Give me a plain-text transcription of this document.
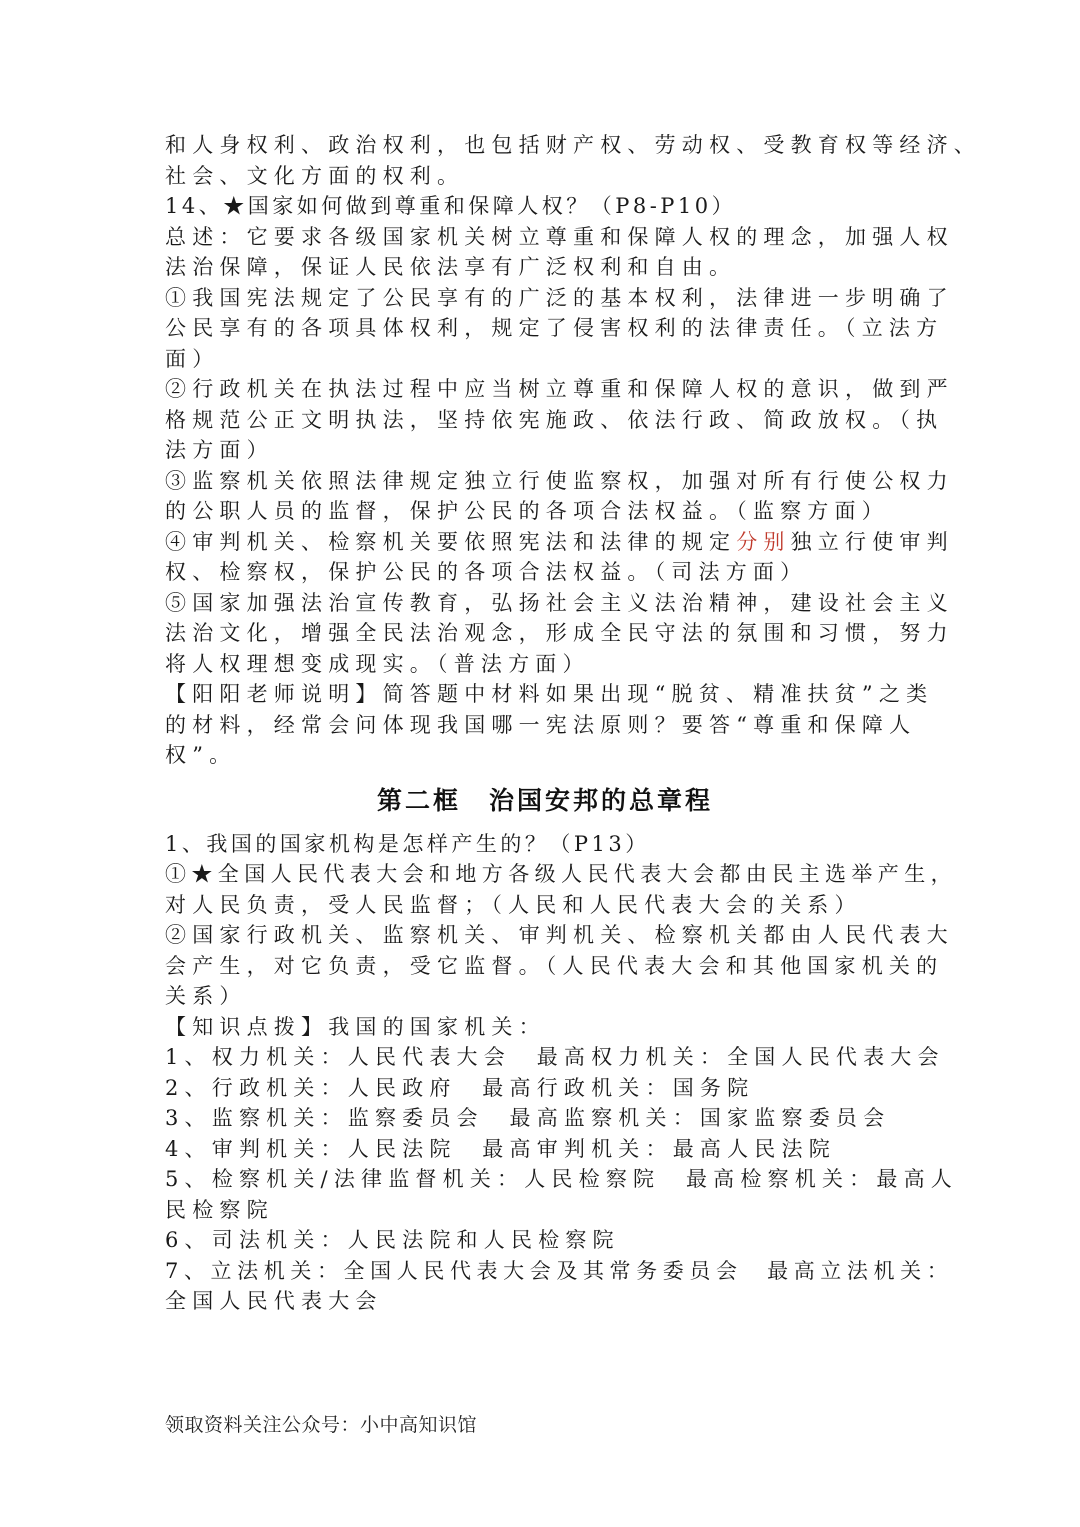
和人身权利、政治权利，也包括财产权、劳动权、受教育权等经济、
社会、文化方面的权利。
14、★国家如何做到尊重和保障人权？（P8-P10）
总述：它要求各级国家机关树立尊重和保障人权的理念，加强人权
法治保障，保证人民依法享有广泛权利和自由。
①我国宪法规定了公民享有的广泛的基本权利，法律进一步明确了
公民享有的各项具体权利，规定了侵害权利的法律责任。（立法方
面）
②行政机关在执法过程中应当树立尊重和保障人权的意识，做到严
格规范公正文明执法，坚持依宪施政、依法行政、简政放权。（执
法方面）
③监察机关依照法律规定独立行使监察权，加强对所有行使公权力
的公职人员的监督，保护公民的各项合法权益。（监察方面）
④审判机关、检察机关要依照宪法和法律的规定分别独立行使审判
权、检察权，保护公民的各项合法权益。（司法方面）
⑤国家加强法治宣传教育，弘扬社会主义法治精神，建设社会主义
法治文化，增强全民法治观念，形成全民守法的氛围和习惯，努力
将人权理想变成现实。（普法方面）
【阳阳老师说明】简答题中材料如果出现“脱贫、精准扶贫”之类
的材料，经常会问体现我国哪一宪法原则？要答“尊重和保障人
权”。
第二框 治国安邦的总章程
1、我国的国家机构是怎样产生的？（P13）
①★全国人民代表大会和地方各级人民代表大会都由民主选举产生，
对人民负责，受人民监督；（人民和人民代表大会的关系）
②国家行政机关、监察机关、审判机关、检察机关都由人民代表大
会产生，对它负责，受它监督。（人民代表大会和其他国家机关的
关系）
【知识点拨】我国的国家机关：
1、权力机关：人民代表大会  最高权力机关：全国人民代表大会
2、行政机关：人民政府  最高行政机关：国务院
3、监察机关：监察委员会  最高监察机关：国家监察委员会
4、审判机关：人民法院  最高审判机关：最高人民法院
5、检察机关/法律监督机关：人民检察院  最高检察机关：最高人
民检察院
6、司法机关：人民法院和人民检察院
7、立法机关：全国人民代表大会及其常务委员会  最高立法机关：
全国人民代表大会
领取资料关注公众号：小中高知识馆
